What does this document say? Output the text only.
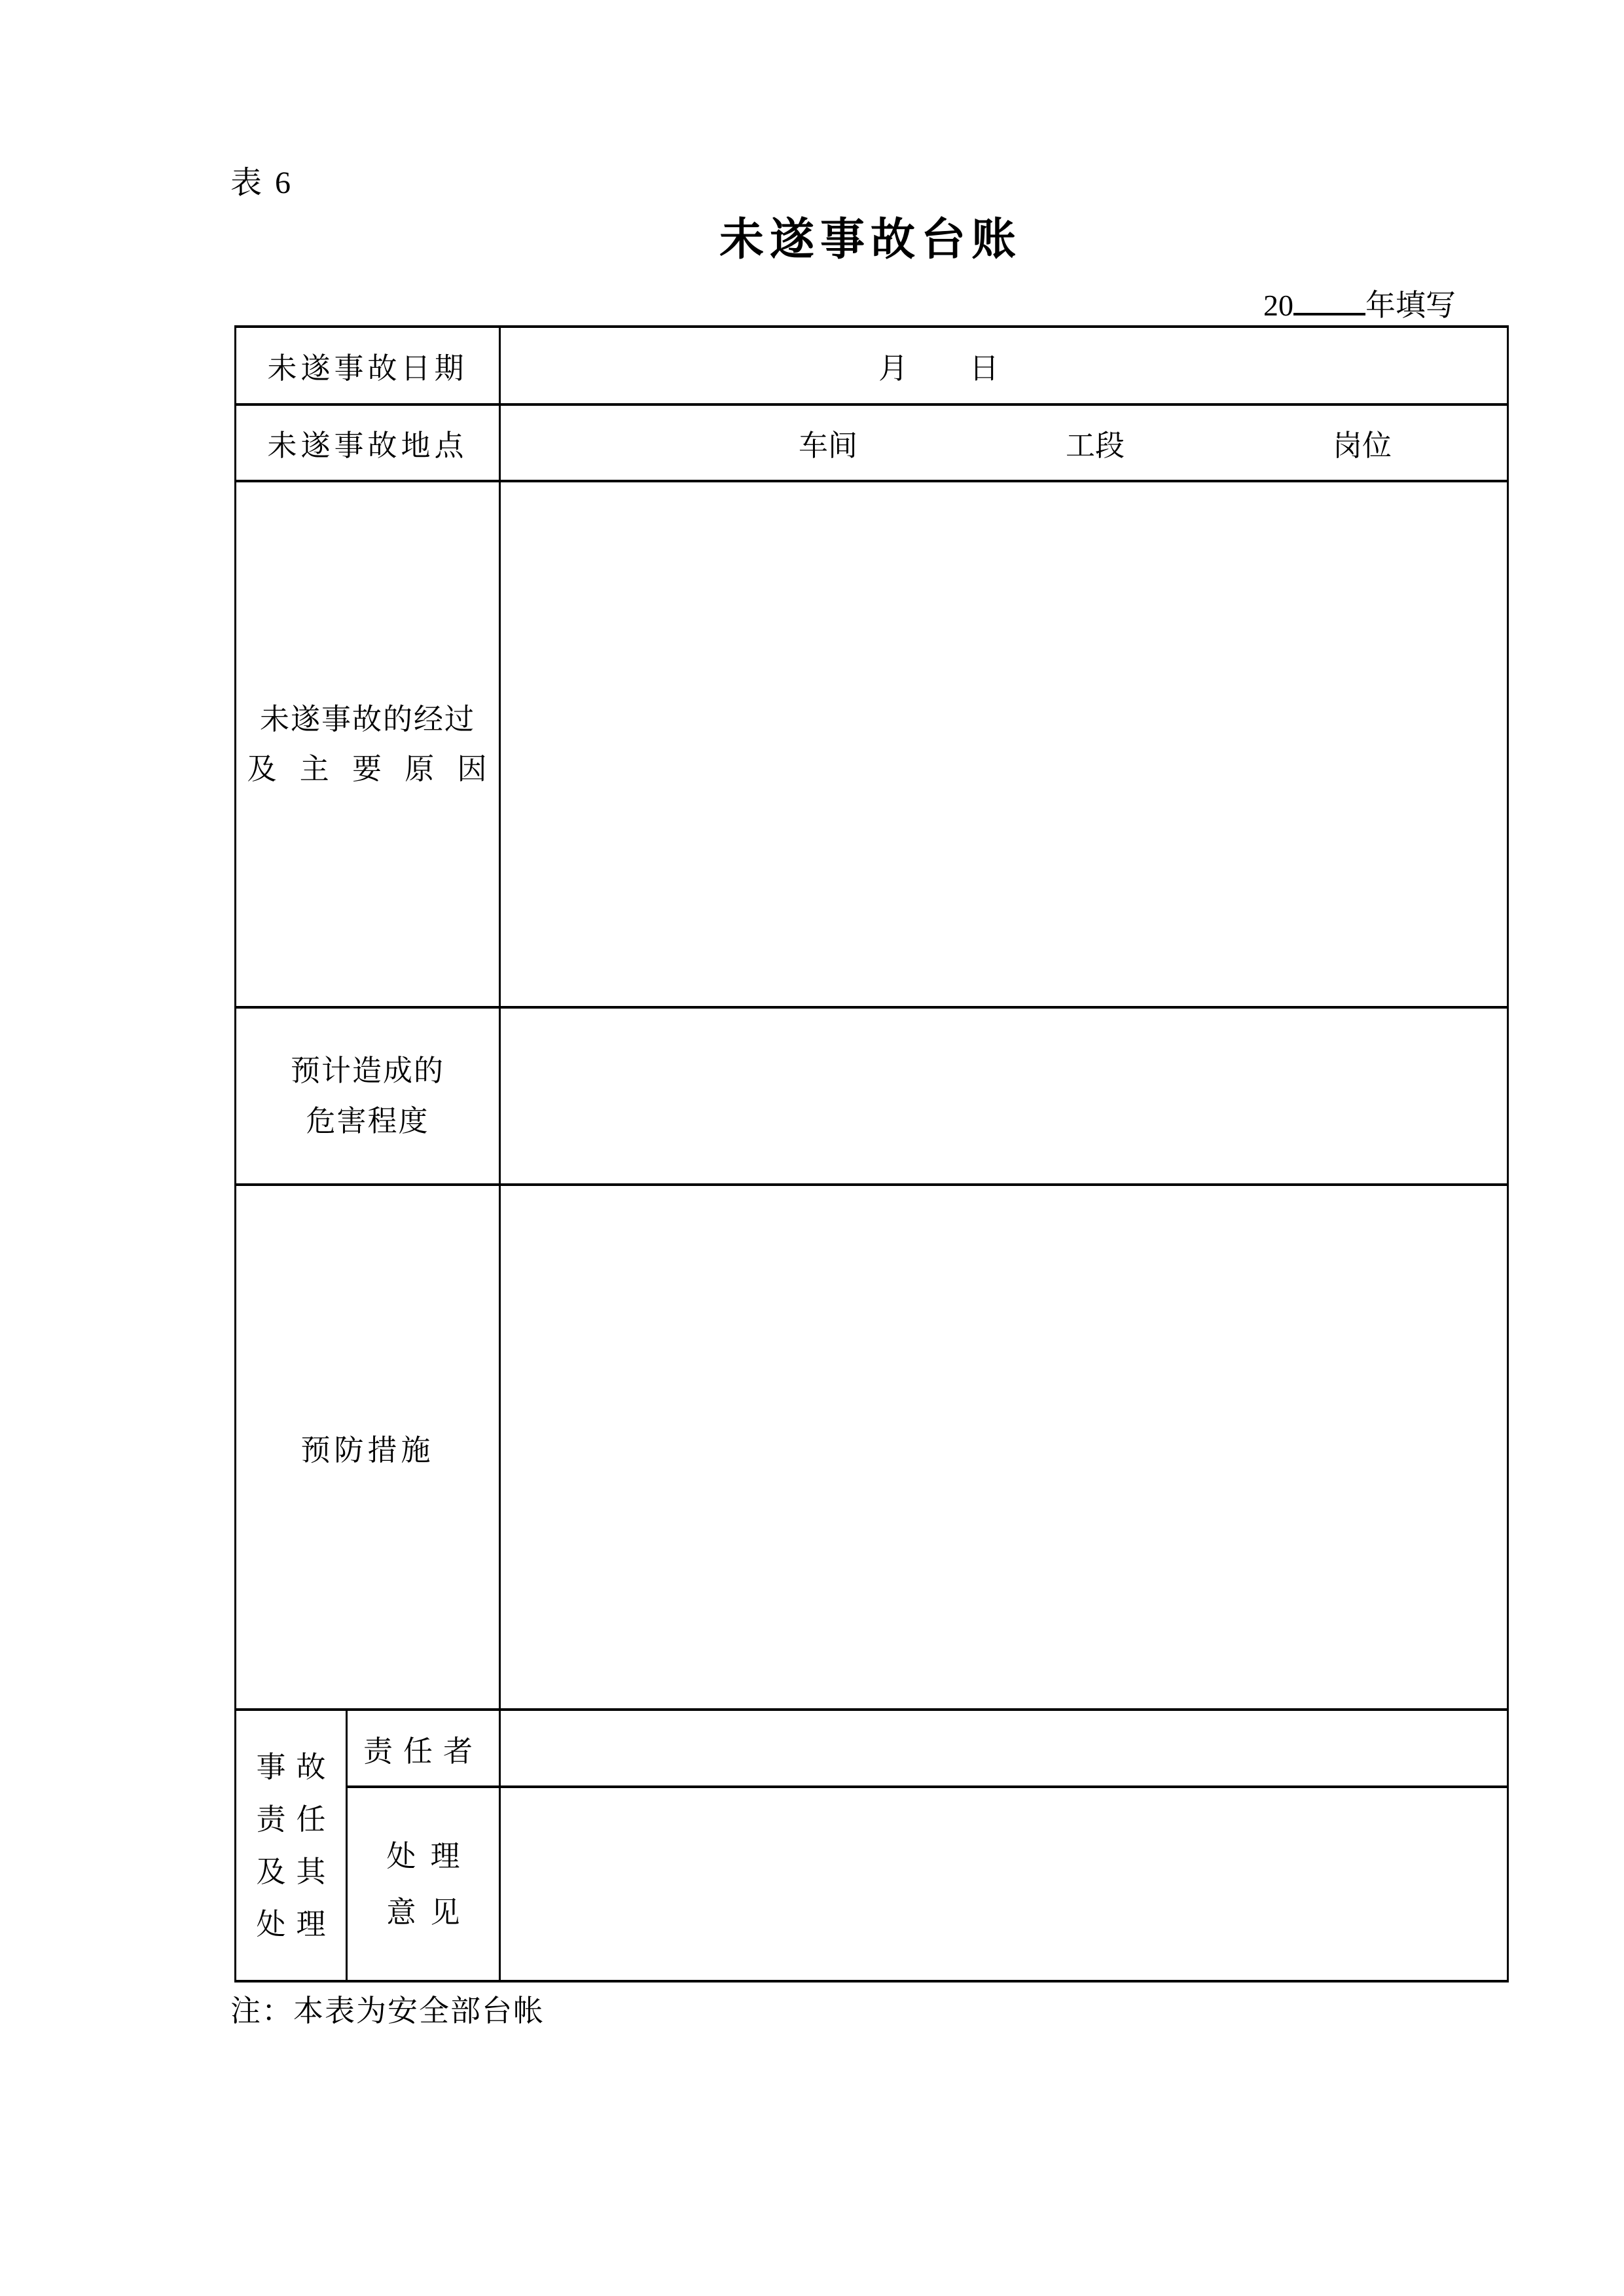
表 6
未遂事故台账
20 年填写
未遂事故日期		月 日

未遂事故地点		车间 工段 岗位

未遂事故的经过
及 主 要 原 因		

预计造成的
危害程度		

预防措施		

事故
责任
及其
处理	责任者	

	处理
意见	

注：本表为安全部台帐
